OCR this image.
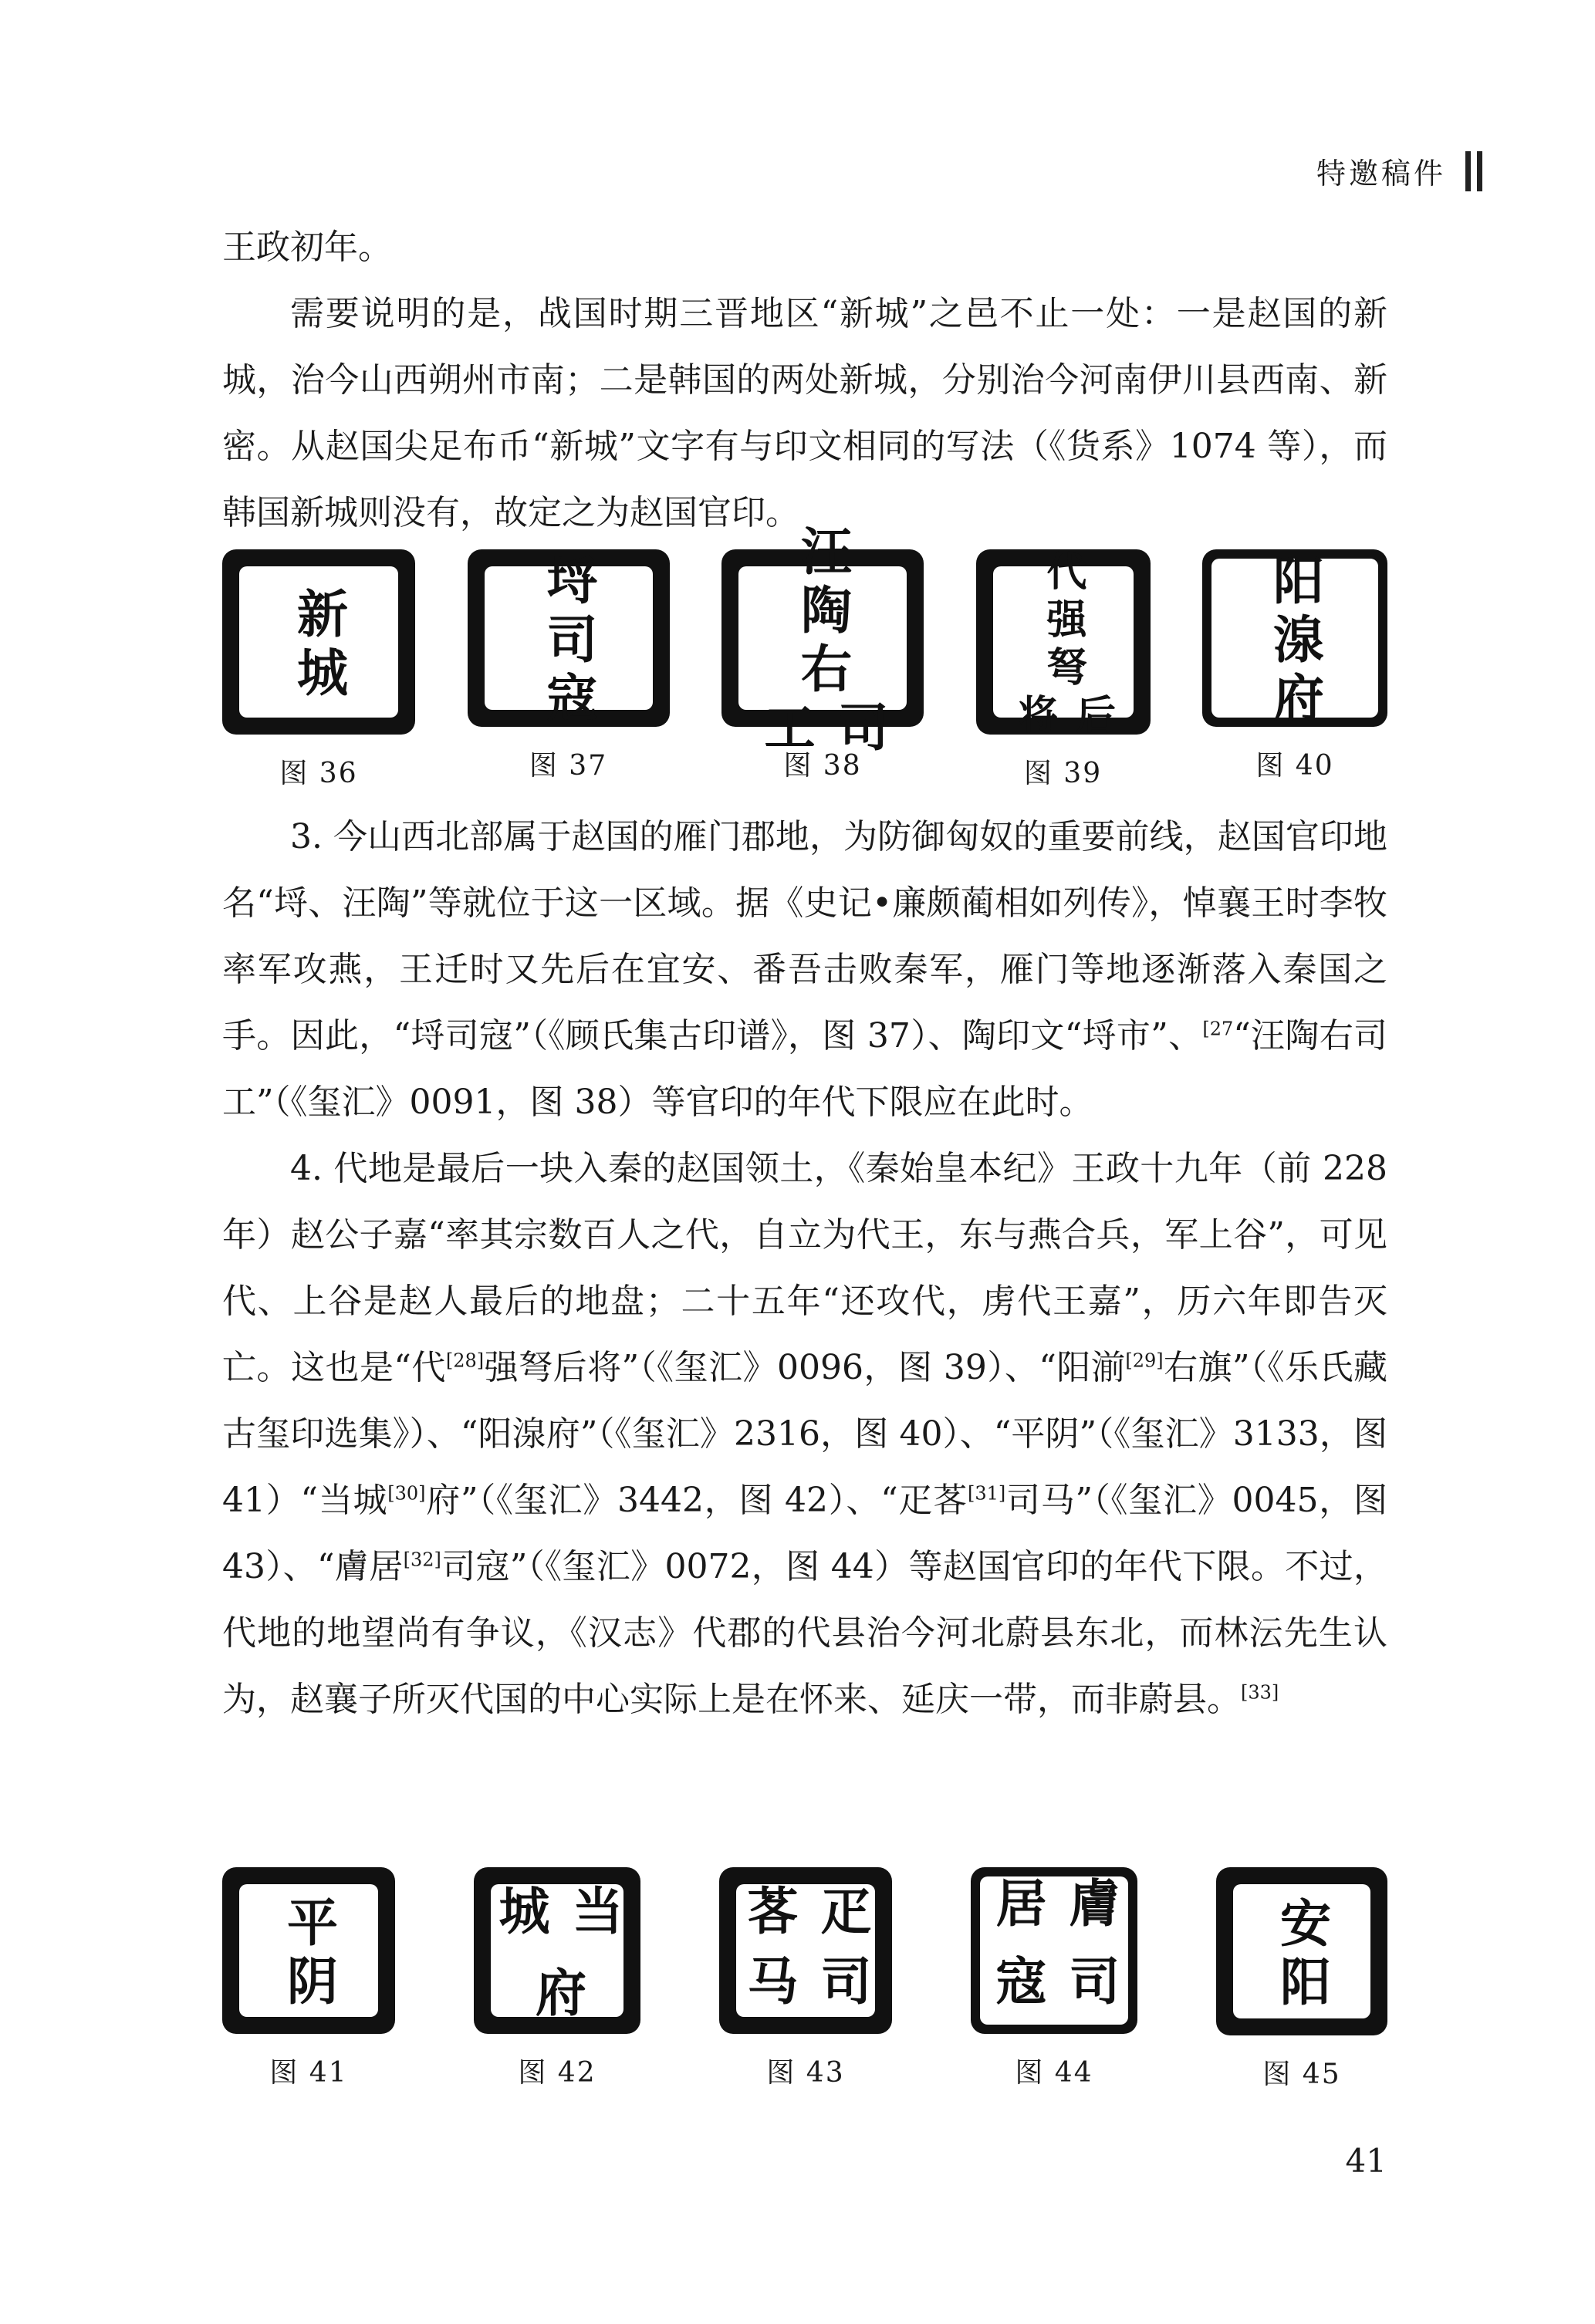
特邀稿件

王政初年。

需要说明的是，战国时期三晋地区“新城”之邑不止一处：一是赵国的新城，治今山西朔州市南；二是韩国的两处新城，分别治今河南伊川县西南、新密。从赵国尖足布币“新城”文字有与印文相同的写法（《货系》1074 等），而韩国新城则没有，故定之为赵国官印。

新
城
图 36
埒
司
寇
图 37
汪
陶
右
司工
图 38
代
强
弩
后将
图 39
阳
湶
府
图 40

3. 今山西北部属于赵国的雁门郡地，为防御匈奴的重要前线，赵国官印地名“埒、汪陶”等就位于这一区域。据《史记•廉颇蔺相如列传》，悼襄王时李牧率军攻燕，王迁时又先后在宜安、番吾击败秦军，雁门等地逐渐落入秦国之手。因此，“埒司寇”（《顾氏集古印谱》，图 37）、陶印文“埒市”、$^{[27}$“汪陶右司工”（《玺汇》0091，图 38）等官印的年代下限应在此时。

4. 代地是最后一块入秦的赵国领土，《秦始皇本纪》王政十九年（前 228 年）赵公子嘉“率其宗数百人之代，自立为代王，东与燕合兵，军上谷”，可见代、上谷是赵人最后的地盘；二十五年“还攻代，虏代王嘉”，历六年即告灭亡。这也是“代[28]强弩后将”（《玺汇》0096，图 39）、“阳湔[29]右旗”（《乐氏藏古玺印选集》）、“阳湶府”（《玺汇》2316，图 40）、“平阴”（《玺汇》3133，图 41）“当城[30]府”（《玺汇》3442，图 42）、“疋茖[31]司马”（《玺汇》0045，图 43）、“膚居[32]司寇”（《玺汇》0072，图 44）等赵国官印的年代下限。不过，代地的地望尚有争议，《汉志》代郡的代县治今河北蔚县东北，而林沄先生认为，赵襄子所灭代国的中心实际上是在怀来、延庆一带，而非蔚县。[33]

平
阴
图 41
当城
府
图 42
疋茖
司马
图 43
膚居
司寇
图 44
安
阳
图 45
41
